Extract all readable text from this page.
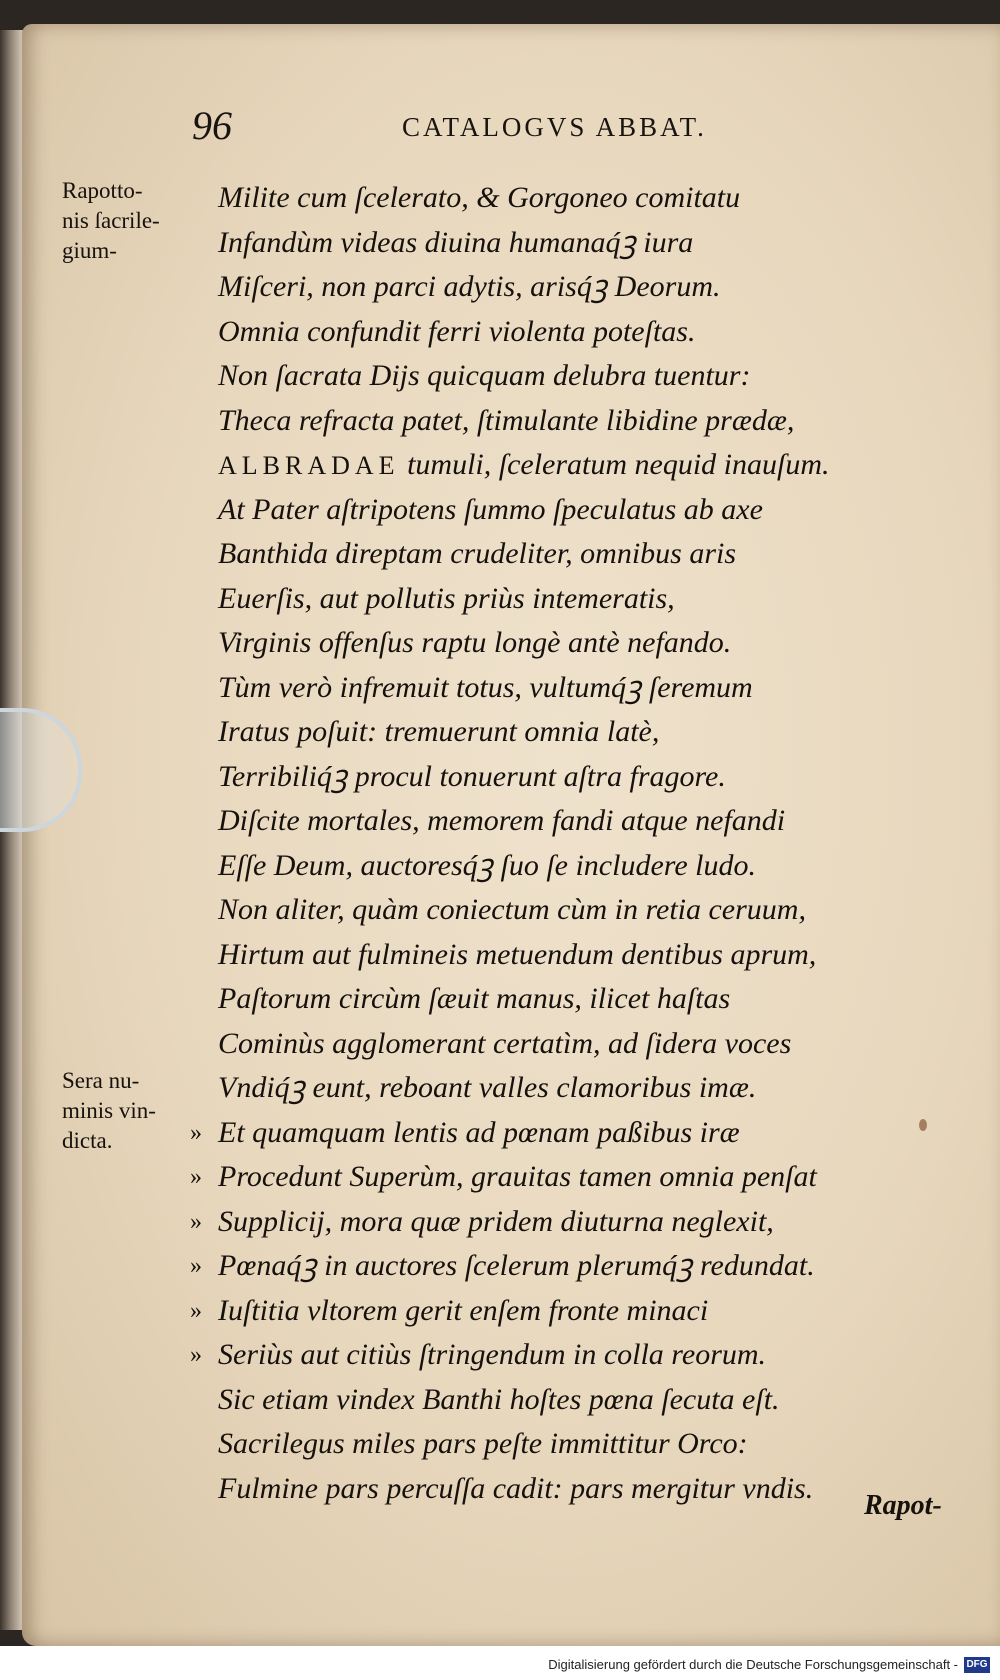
96	CATALOGVS ABBAT.
Rapotto-
nis ſacrile-
gium-
Sera nu-
minis vin-
dicta.
Milite cum ſcelerato, & Gorgoneo comitatu
Infandùm videas diuina humanaq́ꝫ iura
Miſceri, non parci adytis, arisq́ꝫ Deorum.
Omnia confundit ferri violenta poteſtas.
Non ſacrata Dijs quicquam delubra tuentur:
Theca refracta patet, ſtimulante libidine prædæ,
ALBRADAE tumuli, ſceleratum nequid inauſum.
At Pater aſtripotens ſummo ſpeculatus ab axe
Banthida direptam crudeliter, omnibus aris
Euerſis, aut pollutis priùs intemeratis,
Virginis offenſus raptu longè antè nefando.
Tùm verò infremuit totus, vultumq́ꝫ ſeremum
Iratus poſuit: tremuerunt omnia latè,
Terribiliq́ꝫ procul tonuerunt aſtra fragore.
Diſcite mortales, memorem fandi atque nefandi
Eſſe Deum, auctoresq́ꝫ ſuo ſe includere ludo.
Non aliter, quàm coniectum cùm in retia ceruum,
Hirtum aut fulmineis metuendum dentibus aprum,
Paſtorum circùm ſæuit manus, ilicet haſtas
Cominùs agglomerant certatìm, ad ſidera voces
Vndiq́ꝫ eunt, reboant valles clamoribus imæ.
» Et quamquam lentis ad pœnam paßibus iræ
» Procedunt Superùm, grauitas tamen omnia penſat
» Supplicij, mora quæ pridem diuturna neglexit,
» Pœnaq́ꝫ in auctores ſcelerum plerumq́ꝫ redundat.
» Iuſtitia vltorem gerit enſem fronte minaci
» Seriùs aut citiùs ſtringendum in colla reorum.
Sic etiam vindex Banthi hoſtes pœna ſecuta eſt.
Sacrilegus miles pars peſte immittitur Orco:
Fulmine pars percuſſa cadit: pars mergitur vndis.
Rapot-
Digitalisierung gefördert durch die Deutsche Forschungsgemeinschaft - DFG
